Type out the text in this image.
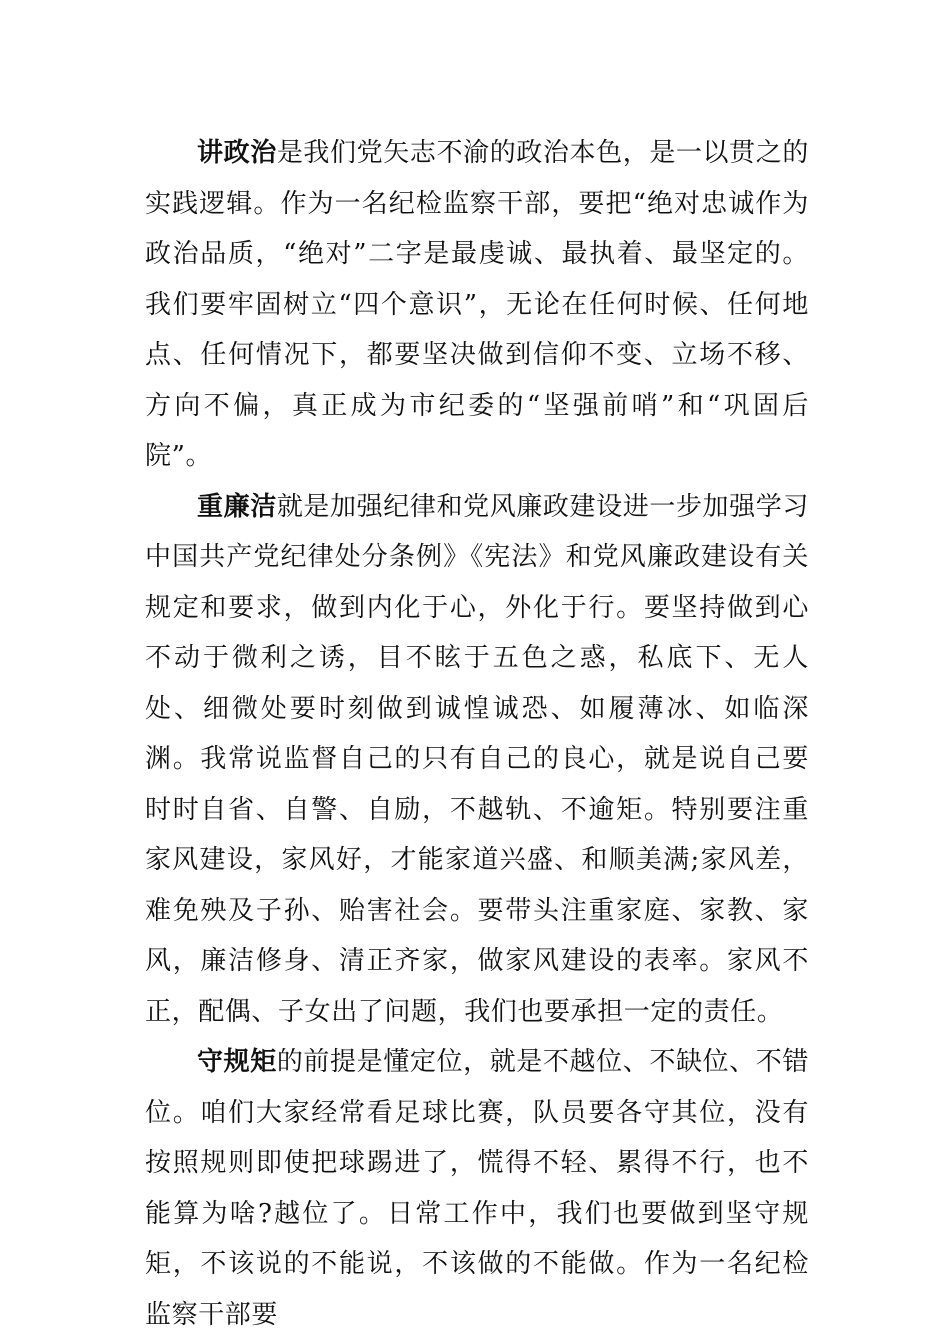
讲政治是我们党矢志不渝的政治本色，是一以贯之的实践逻辑。作为一名纪检监察干部，要把“绝对忠诚作为政治品质，“绝对”二字是最虔诚、最执着、最坚定的。我们要牢固树立“四个意识”，无论在任何时候、任何地点、任何情况下，都要坚决做到信仰不变、立场不移、方向不偏，真正成为市纪委的“坚强前哨”和“巩固后院”。

重廉洁就是加强纪律和党风廉政建设进一步加强学习中国共产党纪律处分条例》《宪法》和党风廉政建设有关规定和要求，做到内化于心，外化于行。要坚持做到心不动于微利之诱，目不眩于五色之惑，私底下、无人处、细微处要时刻做到诚惶诚恐、如履薄冰、如临深渊。我常说监督自己的只有自己的良心，就是说自己要时时自省、自警、自励，不越轨、不逾矩。特别要注重家风建设，家风好，才能家道兴盛、和顺美满;家风差，难免殃及子孙、贻害社会。要带头注重家庭、家教、家风，廉洁修身、清正齐家，做家风建设的表率。家风不正，配偶、子女出了问题，我们也要承担一定的责任。

守规矩的前提是懂定位，就是不越位、不缺位、不错位。咱们大家经常看足球比赛，队员要各守其位，没有按照规则即使把球踢进了，慌得不轻、累得不行，也不能算为啥?越位了。日常工作中，我们也要做到坚守规矩，不该说的不能说，不该做的不能做。作为一名纪检监察干部要
